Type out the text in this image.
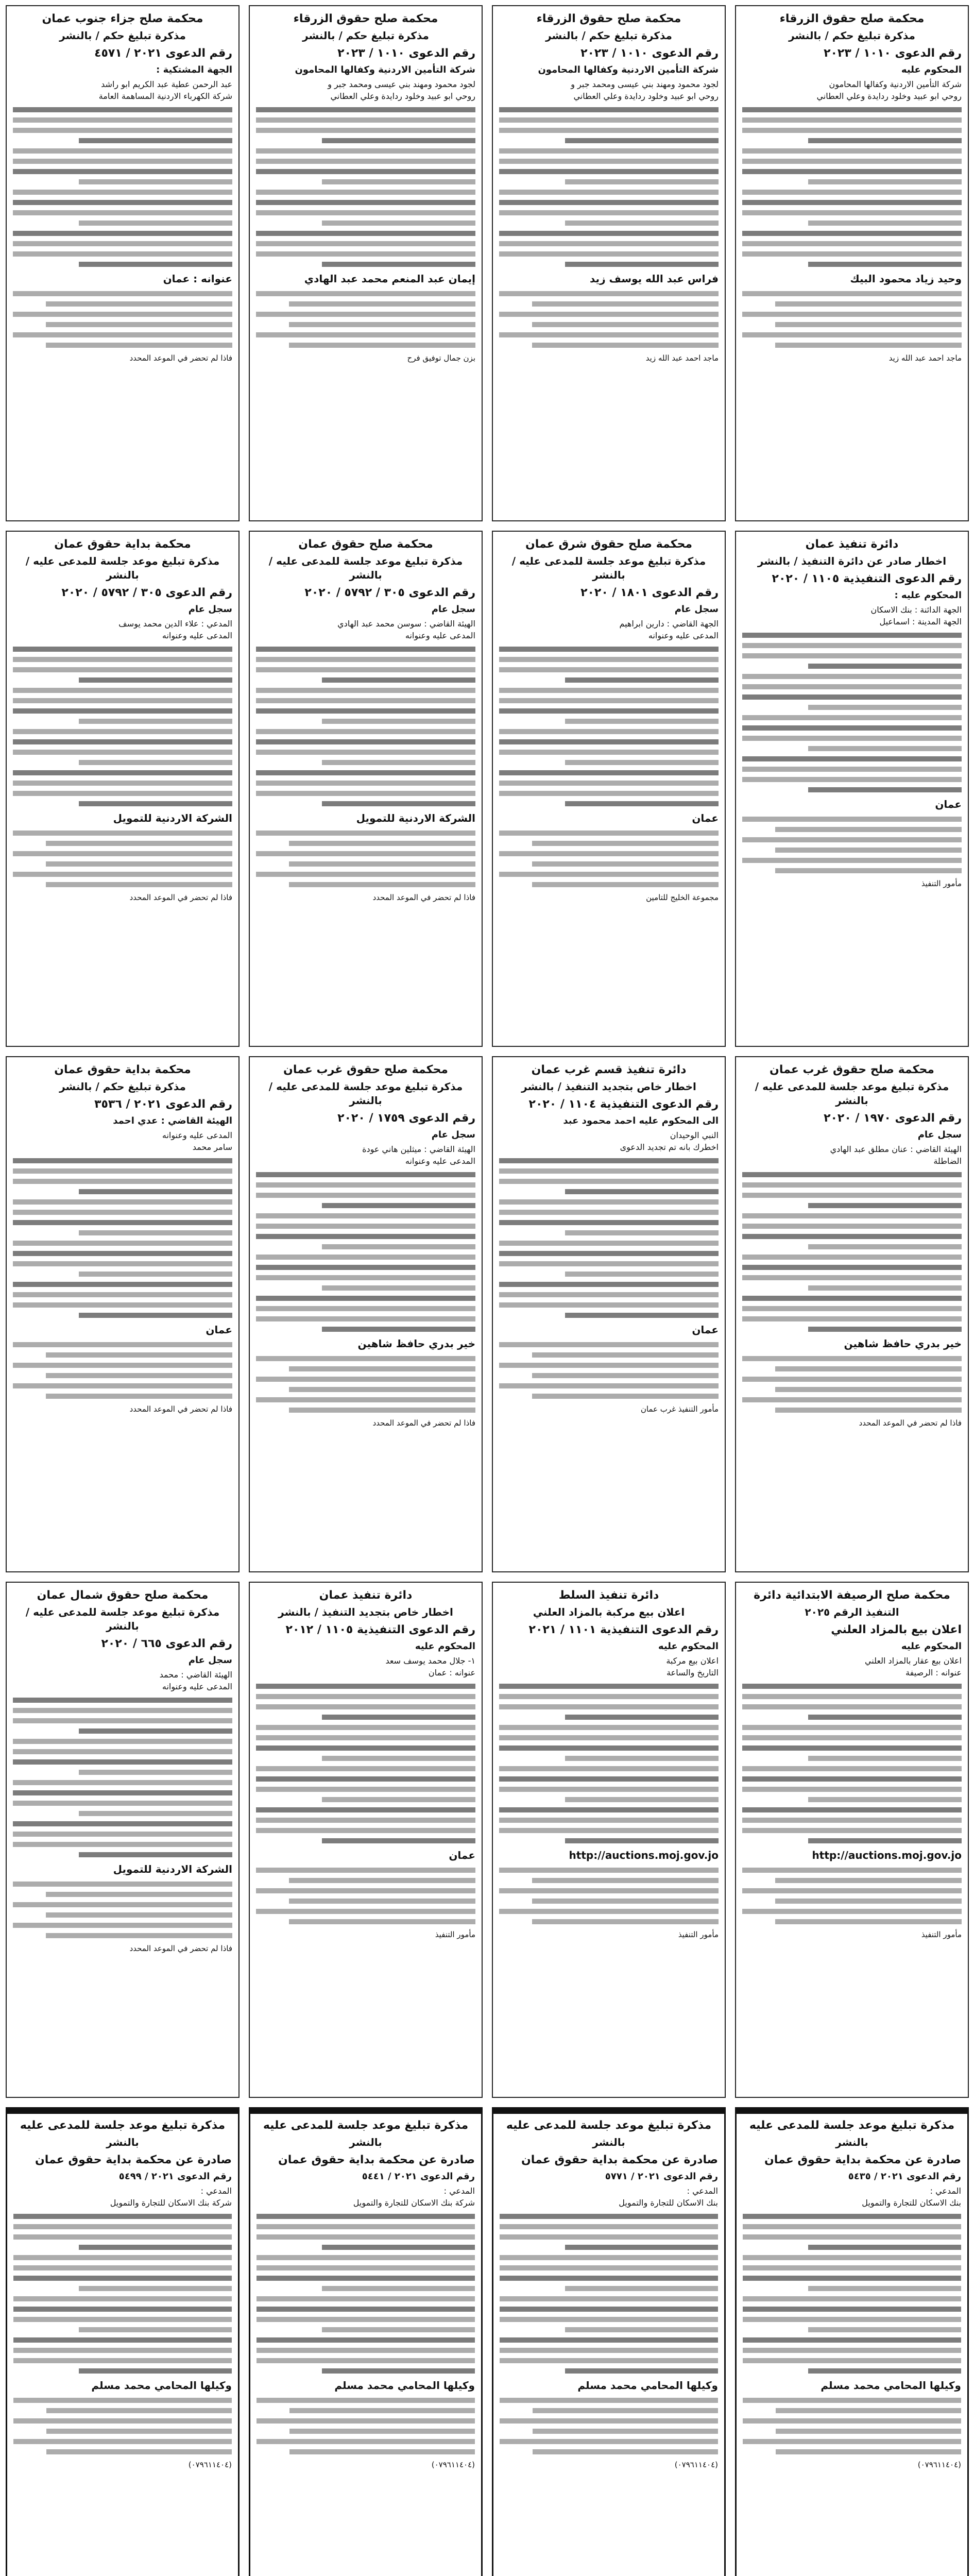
محكمة صلح حقوق الزرقاء
مذكرة تبليغ حكم / بالنشر
رقم الدعوى ١٠١٠ / ٢٠٢٣
المحكوم عليه
شركة التأمين الاردنية وكفالها المحامون
روحي ابو عبيد وخلود ردايدة وعلي العطاني
وحيد زياد محمود البيك
ماجد احمد عبد الله زيد
محكمة صلح حقوق الزرقاء
مذكرة تبليغ حكم / بالنشر
رقم الدعوى ١٠١٠ / ٢٠٢٣
شركة التأمين الاردنية وكفالها المحامون
لجود محمود ومهند بني عيسى ومحمد جبر و
روحي ابو عبيد وخلود ردايدة وعلي العطاني
فراس عبد الله يوسف زيد
ماجد احمد عبد الله زيد
محكمة صلح حقوق الزرقاء
مذكرة تبليغ حكم / بالنشر
رقم الدعوى ١٠١٠ / ٢٠٢٣
شركة التأمين الاردنية وكفالها المحامون
لجود محمود ومهند بني عيسى ومحمد جبر و
روحي ابو عبيد وخلود ردايدة وعلي العطاني
إيمان عبد المنعم محمد عبد الهادي
بزن جمال توفيق فرح
محكمة صلح جزاء جنوب عمان
مذكرة تبليغ حكم / بالنشر
رقم الدعوى ٢٠٢١ / ٤٥٧١
الجهة المشتكية :
عبد الرحمن عطية عبد الكريم ابو راشد
شركة الكهرباء الاردنية المساهمة العامة
عنوانه : عمان
فاذا لم تحضر في الموعد المحدد
دائرة تنفيذ عمان
اخطار صادر عن دائرة التنفيذ / بالنشر
رقم الدعوى التنفيذية ١١٠٥ / ٢٠٢٠
المحكوم عليه :
الجهة الدائنة : بنك الاسكان
الجهة المدينة : اسماعيل
عمان
مأمور التنفيذ
محكمة صلح حقوق شرق عمان
مذكرة تبليغ موعد جلسة للمدعى عليه / بالنشر
رقم الدعوى ١٨٠١ / ٢٠٢٠
سجل عام
الجهة القاضي : دارين ابراهيم
المدعى عليه وعنوانه
عمان
مجموعة الخليج للتامين
محكمة صلح حقوق عمان
مذكرة تبليغ موعد جلسة للمدعى عليه / بالنشر
رقم الدعوى ٣٠٥ / ٥٧٩٢ / ٢٠٢٠
سجل عام
الهيئة القاضي : سوسن محمد عبد الهادي
المدعى عليه وعنوانه
الشركة الاردنية للتمويل
فاذا لم تحضر في الموعد المحدد
محكمة بداية حقوق عمان
مذكرة تبليغ موعد جلسة للمدعى عليه / بالنشر
رقم الدعوى ٣٠٥ / ٥٧٩٢ / ٢٠٢٠
سجل عام
المدعي : علاء الدين محمد يوسف
المدعى عليه وعنوانه
الشركة الاردنية للتمويل
فاذا لم تحضر في الموعد المحدد
محكمة صلح حقوق غرب عمان
مذكرة تبليغ موعد جلسة للمدعى عليه / بالنشر
رقم الدعوى ١٩٧٠ / ٢٠٢٠
سجل عام
الهيئة القاضي : عنان مطلق عبد الهادي
الضاطلة
خير بدري حافظ شاهين
فاذا لم تحضر في الموعد المحدد
دائرة تنفيذ قسم غرب عمان
اخطار خاص بتجديد التنفيذ / بالنشر
رقم الدعوى التنفيذية ١١٠٤ / ٢٠٢٠
الى المحكوم عليه احمد محمود عبد
النبي الوحيدان
اخطرك بانه تم تجديد الدعوى
عمان
مأمور التنفيذ غرب عمان
محكمة صلح حقوق غرب عمان
مذكرة تبليغ موعد جلسة للمدعى عليه / بالنشر
رقم الدعوى ١٧٥٩ / ٢٠٢٠
سجل عام
الهيئة القاضي : ميثلين هاني عودة
المدعى عليه وعنوانه
خير بدري حافظ شاهين
فاذا لم تحضر في الموعد المحدد
محكمة بداية حقوق عمان
مذكرة تبليغ حكم / بالنشر
رقم الدعوى ٢٠٢١ / ٣٥٣٦
الهيئة القاضي : عدي احمد
المدعى عليه وعنوانه
سامر محمد
عمان
فاذا لم تحضر في الموعد المحدد
محكمة صلح الرصيفة الابتدائية دائرة
التنفيذ الرقم ٢٠٢٥
اعلان بيع بالمزاد العلني
المحكوم عليه
اعلان بيع عقار بالمزاد العلني
عنوانه : الرصيفة
http://auctions.moj.gov.jo
مأمور التنفيذ
دائرة تنفيذ السلط
اعلان بيع مركبة بالمزاد العلني
رقم الدعوى التنفيذية ١١٠١ / ٢٠٢١
المحكوم عليه
اعلان بيع مركبة
التاريخ والساعة
http://auctions.moj.gov.jo
مأمور التنفيذ
دائرة تنفيذ عمان
اخطار خاص بتجديد التنفيذ / بالنشر
رقم الدعوى التنفيذية ١١٠٥ / ٢٠١٢
المحكوم عليه
١- جلال محمد يوسف سعد
عنوانه : عمان
عمان
مأمور التنفيذ
محكمة صلح حقوق شمال عمان
مذكرة تبليغ موعد جلسة للمدعى عليه / بالنشر
رقم الدعوى ٦٦٥ / ٢٠٢٠
سجل عام
الهيئة القاضي : محمد
المدعى عليه وعنوانه
الشركة الاردنية للتمويل
فاذا لم تحضر في الموعد المحدد
مذكرة تبليغ موعد جلسة للمدعى عليه
بالنشر
صادرة عن محكمة بداية حقوق عمان
رقم الدعوى ٢٠٢١ / ٥٤٣٥
المدعي :
بنك الاسكان للتجارة والتمويل
وكيلها المحامي محمد مسلم
(٠٧٩٦١١٤٠٤)
مذكرة تبليغ موعد جلسة للمدعى عليه
بالنشر
صادرة عن محكمة بداية حقوق عمان
رقم الدعوى ٢٠٢١ / ٥٧٧١
المدعي :
بنك الاسكان للتجارة والتمويل
وكيلها المحامي محمد مسلم
(٠٧٩٦١١٤٠٤)
مذكرة تبليغ موعد جلسة للمدعى عليه
بالنشر
صادرة عن محكمة بداية حقوق عمان
رقم الدعوى ٢٠٢١ / ٥٤٤١
المدعي :
شركة بنك الاسكان للتجارة والتمويل
وكيلها المحامي محمد مسلم
(٠٧٩٦١١٤٠٤)
مذكرة تبليغ موعد جلسة للمدعى عليه
بالنشر
صادرة عن محكمة بداية حقوق عمان
رقم الدعوى ٢٠٢١ / ٥٤٩٩
المدعي :
شركة بنك الاسكان للتجارة والتمويل
وكيلها المحامي محمد مسلم
(٠٧٩٦١١٤٠٤)
